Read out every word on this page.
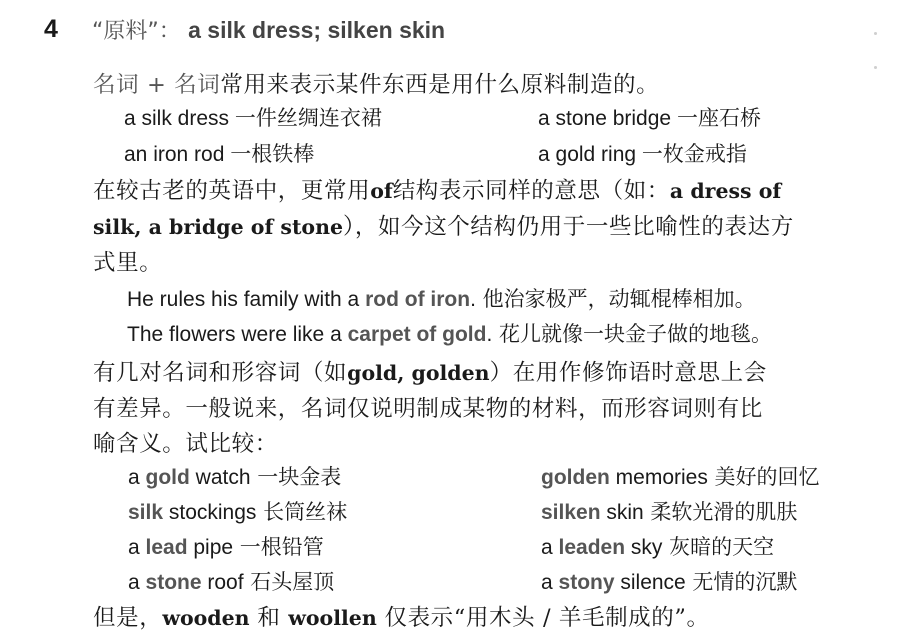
4 “原料”： a silk dress; silken skin
名词 + 名词常用来表示某件东西是用什么原料制造的。
a silk dress 一件丝绸连衣裙	a stone bridge 一座石桥
an iron rod 一根铁棒	a gold ring 一枚金戒指
在较古老的英语中，更常用of结构表示同样的意思（如：a dress of
silk, a bridge of stone），如今这个结构仍用于一些比喻性的表达方
式里。
He rules his family with a rod of iron. 他治家极严，动辄棍棒相加。
The flowers were like a carpet of gold. 花儿就像一块金子做的地毯。
有几对名词和形容词（如gold, golden）在用作修饰语时意思上会
有差异。一般说来，名词仅说明制成某物的材料，而形容词则有比
喻含义。试比较：
a gold watch 一块金表	golden memories 美好的回忆
silk stockings 长筒丝袜	silken skin 柔软光滑的肌肤
a lead pipe 一根铅管	a leaden sky 灰暗的天空
a stone roof 石头屋顶	a stony silence 无情的沉默
但是，wooden 和 woollen 仅表示“用木头 / 羊毛制成的”。
